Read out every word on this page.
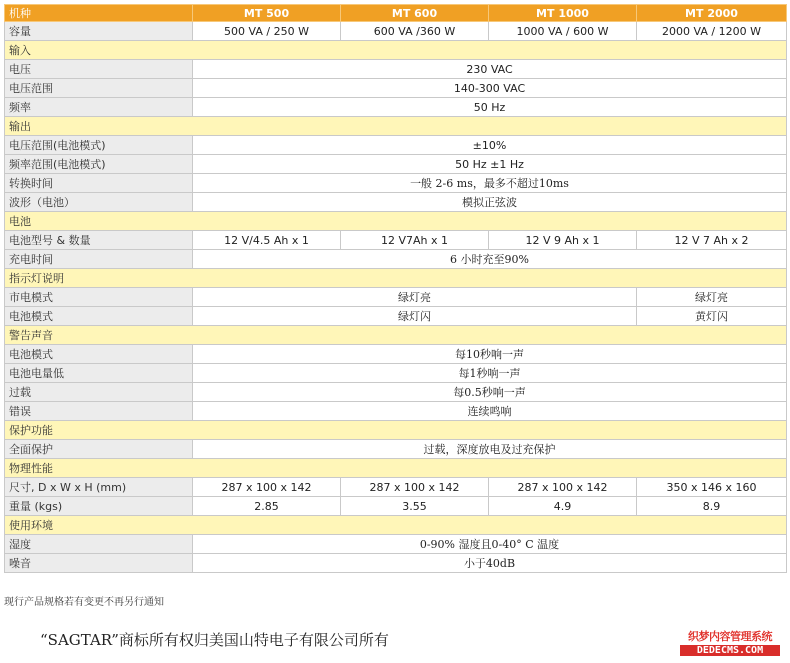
机种	MT 500	MT 600	MT 1000	MT 2000
容量	500 VA / 250 W	600 VA /360 W	1000 VA / 600 W	2000 VA / 1200 W
输入				
电压	230 VAC			
电压范围	140-300 VAC			
频率	50 Hz			
输出				
电压范围(电池模式)	±10%			
频率范围(电池模式)	50 Hz ±1 Hz			
转换时间	一般 2-6 ms，最多不超过10ms			
波形（电池）	模拟正弦波			
电池				
电池型号 & 数量	12 V/4.5 Ah x 1	12 V7Ah x 1	12 V 9 Ah x 1	12 V 7 Ah x 2
充电时间	6 小时充至90%			
指示灯说明				
市电模式	绿灯亮			绿灯亮
电池模式	绿灯闪			黄灯闪
警告声音				
电池模式	每10秒响一声			
电池电量低	每1秒响一声			
过载	每0.5秒响一声			
错误	连续鸣响			
保护功能				
全面保护	过载，深度放电及过充保护			
物理性能				
尺寸, D x W x H (mm)	287 x 100 x 142	287 x 100 x 142	287 x 100 x 142	350 x 146 x 160
重量 (kgs)	2.85	3.55	4.9	8.9
使用环境				
湿度	0-90% 湿度且0-40° C 温度			
噪音	小于40dB			
现行产品规格若有变更不再另行通知
“SAGTAR”商标所有权归美国山特电子有限公司所有	织梦内容管理系统
DEDECMS.COM
